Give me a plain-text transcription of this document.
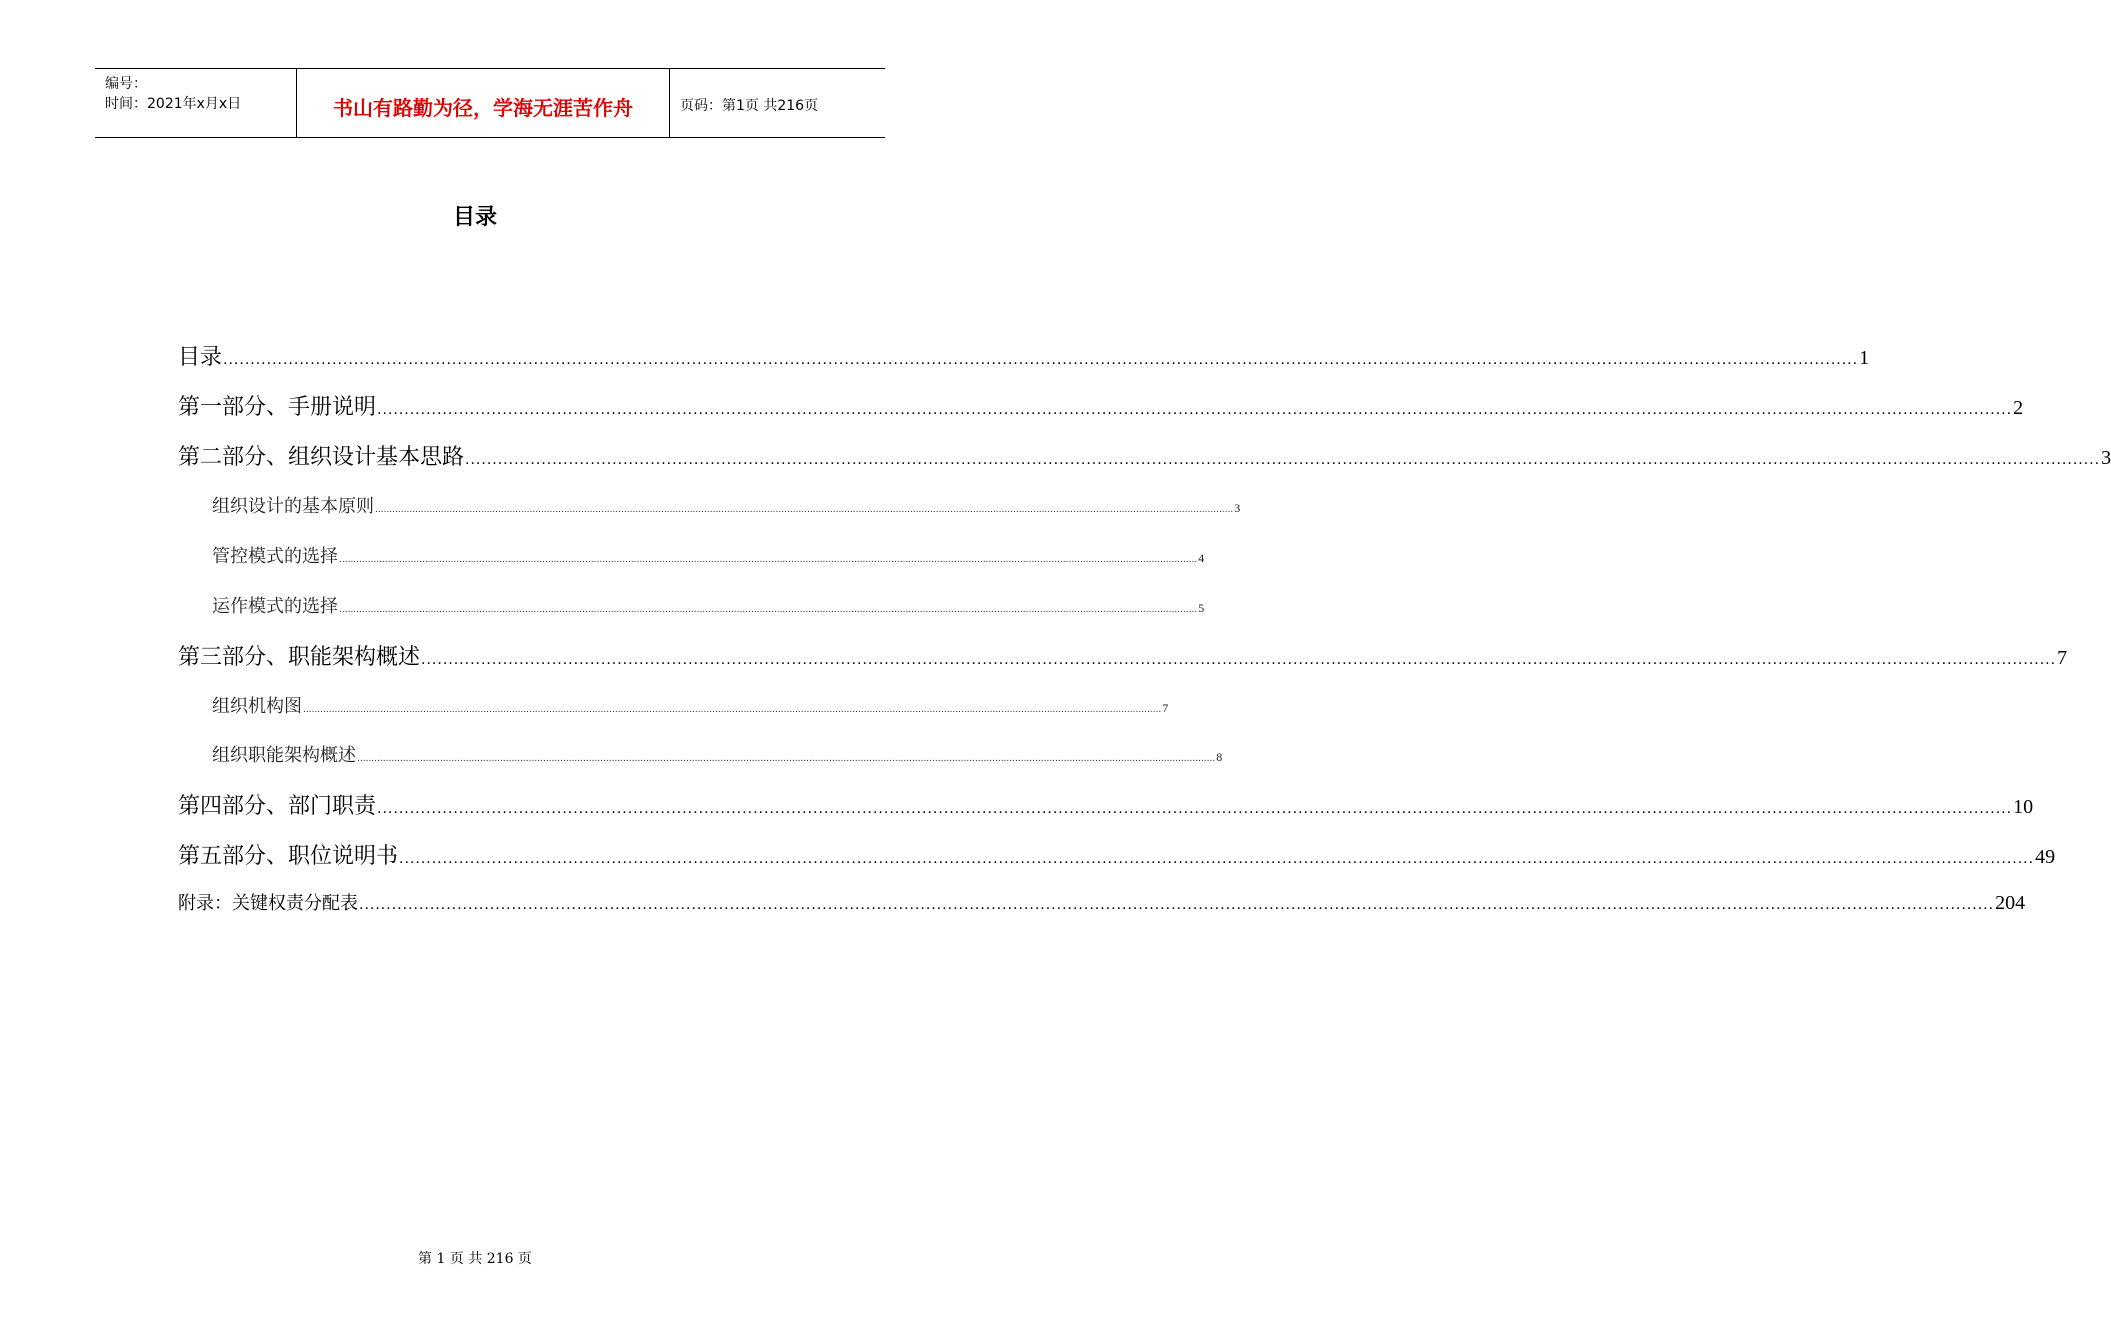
编号：
时间：2021年x月x日	书山有路勤为径，学海无涯苦作舟	页码：第1页 共216页
目录
目录 ............................................................................................................................................................................................................................................................................................................ 1
第一部分、手册说明 ............................................................................................................................................................................................................................................................................................................ 2
第二部分、组织设计基本思路 ............................................................................................................................................................................................................................................................................................................ 3
组织设计的基本原则 ............................................................................................................................................................................................................................................................................................................ 3
管控模式的选择 ............................................................................................................................................................................................................................................................................................................ 4
运作模式的选择 ............................................................................................................................................................................................................................................................................................................ 5
第三部分、职能架构概述 ............................................................................................................................................................................................................................................................................................................ 7
组织机构图 ............................................................................................................................................................................................................................................................................................................ 7
组织职能架构概述 ............................................................................................................................................................................................................................................................................................................ 8
第四部分、部门职责 ............................................................................................................................................................................................................................................................................................................ 10
第五部分、职位说明书 ............................................................................................................................................................................................................................................................................................................ 49
附录：关键权责分配表 ............................................................................................................................................................................................................................................................................................................ 204
第 1 页 共 216 页
